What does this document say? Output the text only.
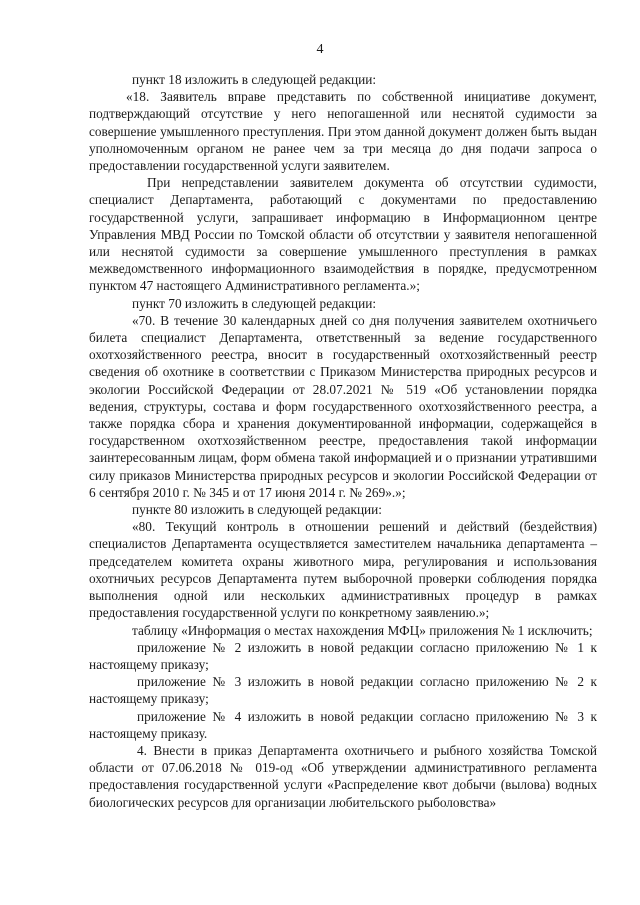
4

пункт 18 изложить в следующей редакции:

«18. Заявитель вправе представить по собственной инициативе документ, подтверждающий отсутствие у него непогашенной или неснятой судимости за совершение умышленного преступления. При этом данной документ должен быть выдан уполномоченным органом не ранее чем за три месяца до дня подачи запроса о предоставлении государственной услуги заявителем.

При непредставлении заявителем документа об отсутствии судимости, специалист Департамента, работающий с документами по предоставлению государственной услуги, запрашивает информацию в Информационном центре Управления МВД России по Томской области об отсутствии у заявителя непогашенной или неснятой судимости за совершение умышленного преступления в рамках межведомственного информационного взаимодействия в порядке, предусмотренном пунктом 47 настоящего Административного регламента.»;

пункт 70 изложить в следующей редакции:

«70. В течение 30 календарных дней со дня получения заявителем охотничьего билета специалист Департамента, ответственный за ведение государственного охотхозяйственного реестра, вносит в государственный охотхозяйственный реестр сведения об охотнике в соответствии с Приказом Министерства природных ресурсов и экологии Российской Федерации от 28.07.2021 № 519 «Об установлении порядка ведения, структуры, состава и форм государственного охотхозяйственного реестра, а также порядка сбора и хранения документированной информации, содержащейся в государственном охотхозяйственном реестре, предоставления такой информации заинтересованным лицам, форм обмена такой информацией и о признании утратившими силу приказов Министерства природных ресурсов и экологии Российской Федерации от 6 сентября 2010 г. № 345 и от 17 июня 2014 г. № 269».»;

пункте 80 изложить в следующей редакции:

«80. Текущий контроль в отношении решений и действий (бездействия) специалистов Департамента осуществляется заместителем начальника департамента – председателем комитета охраны животного мира, регулирования и использования охотничьих ресурсов Департамента путем выборочной проверки соблюдения порядка выполнения одной или нескольких административных процедур в рамках предоставления государственной услуги по конкретному заявлению.»;

таблицу «Информация о местах нахождения МФЦ» приложения № 1 исключить;

приложение № 2 изложить в новой редакции согласно приложению № 1 к настоящему приказу;

приложение № 3 изложить в новой редакции согласно приложению № 2 к настоящему приказу;

приложение № 4 изложить в новой редакции согласно приложению № 3 к настоящему приказу.

4. Внести в приказ Департамента охотничьего и рыбного хозяйства Томской области от 07.06.2018 № 019-од «Об утверждении административного регламента предоставления государственной услуги «Распределение квот добычи (вылова) водных биологических ресурсов для организации любительского рыболовства»
